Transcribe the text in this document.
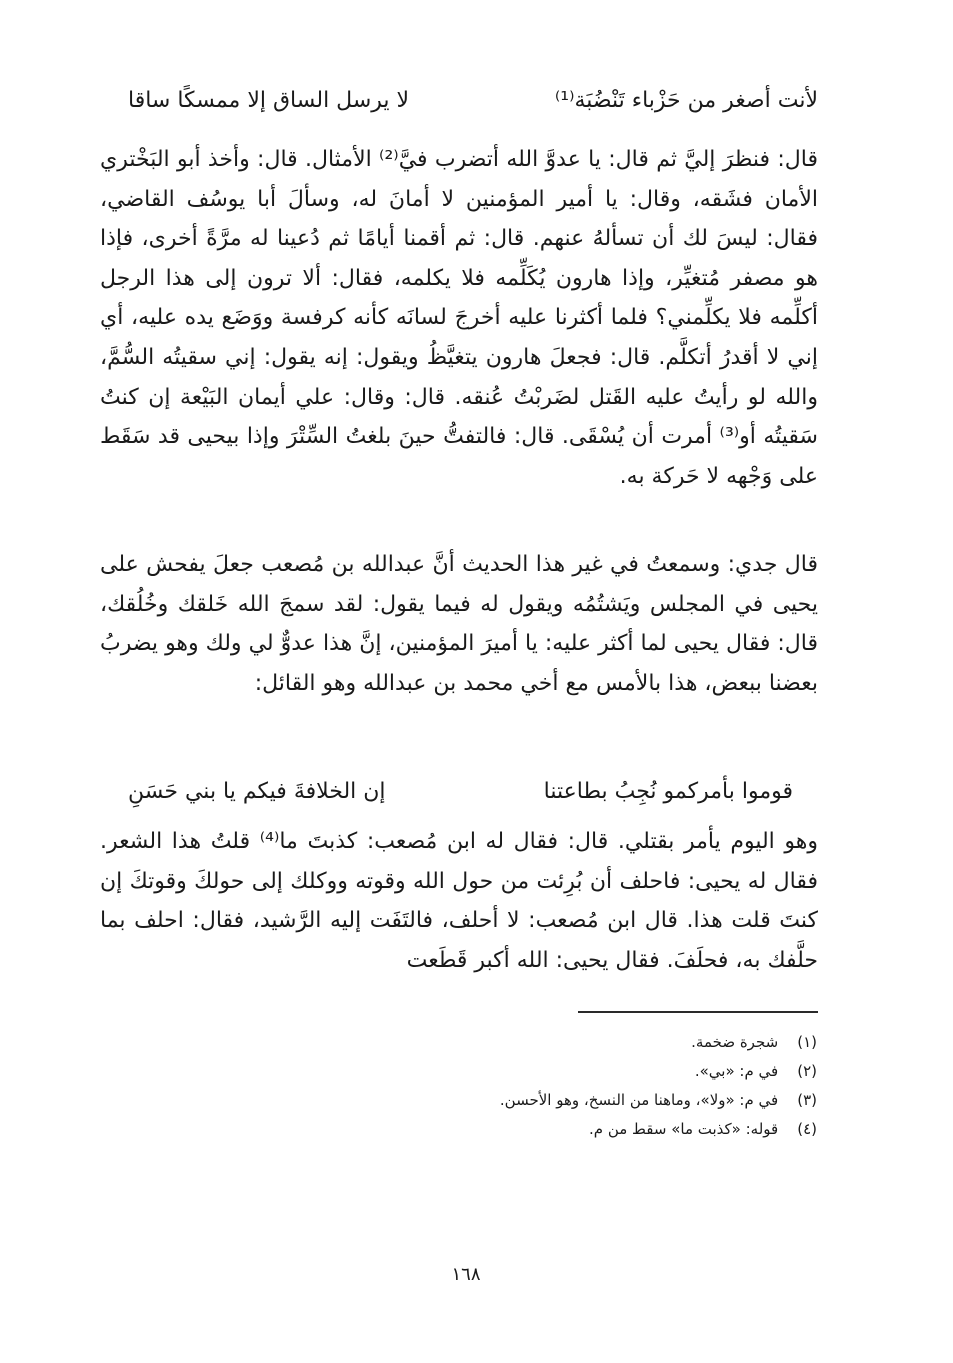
لأنت أصغر من حَزْباء تَنْضُبَة⁽¹⁾
لا يرسل الساق إلا ممسكًا ساقا
قال: فنظرَ إليَّ ثم قال: يا عدوَّ الله أتضرب فيَّ⁽²⁾ الأمثال. قال: وأخذ أبو البَخْتري الأمان فشَقه، وقال: يا أمير المؤمنين لا أمانَ له، وسألَ أبا يوسُف القاضي، فقال: ليسَ لك أن تسألهُ عنهم. قال: ثم أقمنا أيامًا ثم دُعينا له مرَّةً أخرى، فإذا هو مصفر مُتغيِّر، وإذا هارون يُكَلِّمه فلا يكلمه، فقال: ألا ترون إلى هذا الرجل أكلِّمه فلا يكلِّمني؟ فلما أكثرنا عليه أخرجَ لسانَه كأنه كرفسة ووَضَع يده عليه، أي إني لا أقدرُ أتكلَّم. قال: فجعلَ هارون يتغيَّظُ ويقول: إنه يقول: إني سقيتُه السُّمَّ، والله لو رأيتُ عليه القَتل لضَربْتُ عُنقه. قال: وقال: علي أيمان البَيْعة إن كنتُ سَقيتُه أو⁽³⁾ أمرت أن يُسْقَى. قال: فالتفتُّ حينَ بلغتُ السِّتْرَ وإذا بيحيى قد سَقَط على وَجْهه لا حَركة به.
قال جدي: وسمعتُ في غير هذا الحديث أنَّ عبدالله بن مُصعب جعلَ يفحش على يحيى في المجلس ويَشتُمُه ويقول له فيما يقول: لقد سمجَ الله خَلقك وخُلُقك، قال: فقال يحيى لما أكثر عليه: يا أميرَ المؤمنين، إنَّ هذا عدوٌّ لي ولك وهو يضربُ بعضنا ببعض، هذا بالأمس مع أخي محمد بن عبدالله وهو القائل:
قوموا بأمركمو نُجِبُ بطاعتنا
إن الخلافةَ فيكم يا بني حَسَنِ
وهو اليوم يأمر بقتلي. قال: فقال له ابن مُصعب: كذبتَ ما⁽⁴⁾ قلتُ هذا الشعر. فقال له يحيى: فاحلف أن بُرِئت من حول الله وقوته ووكلك إلى حولكَ وقوتكَ إن كنتَ قلت هذا. قال ابن مُصعب: لا أحلف، فالتَفَت إليه الرَّشيد، فقال: احلف بما حلَّفك به، فحلَفَ. فقال يحيى: الله أكبر قَطَعت
(١) شجرة ضخمة.
(٢) في م: «بي».
(٣) في م: «ولا»، وماهنا من النسخ، وهو الأحسن.
(٤) قوله: «كذبت ما» سقط من م.
١٦٨
